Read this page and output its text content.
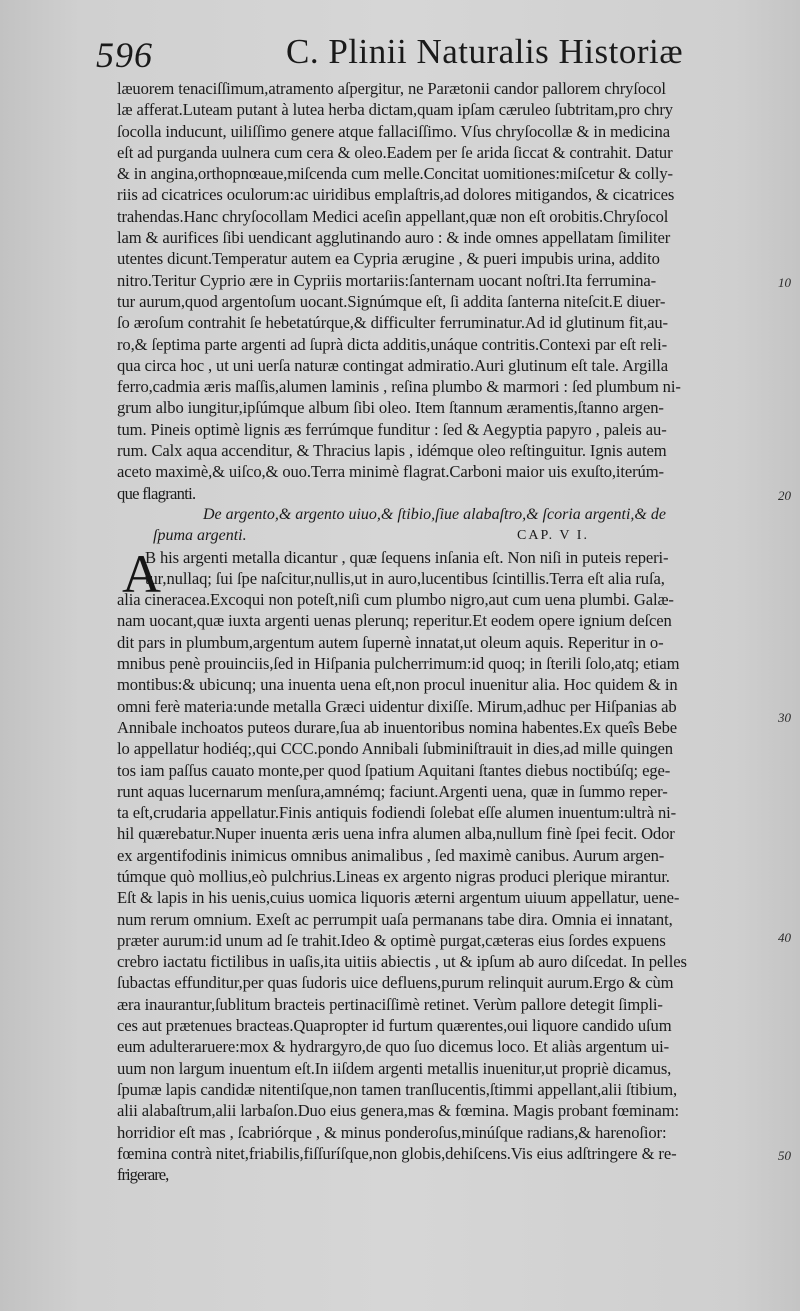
596	C. Plinii Naturalis Historiæ
læuorem tenaciſſimum,atramento aſpergitur, ne Parætonii candor pallorem chryſocol
læ afferat.Luteam putant à lutea herba dictam,quam ipſam cæruleo ſubtritam,pro chry
ſocolla inducunt, uiliſſimo genere atque fallaciſſimo. Vſus chryſocollæ & in medicina
eſt ad purganda uulnera cum cera & oleo.Eadem per ſe arida ſiccat & contrahit. Datur
& in angina,orthopnœaue,miſcenda cum melle.Concitat uomitiones:miſcetur & colly-
riis ad cicatrices oculorum:ac uiridibus emplaſtris,ad dolores mitigandos, & cicatrices
trahendas.Hanc chryſocollam Medici aceſin appellant,quæ non eſt orobitis.Chryſocol
lam & aurifices ſibi uendicant agglutinando auro : & inde omnes appellatam ſimiliter
utentes dicunt.Temperatur autem ea Cypria ærugine , & pueri impubis urina, addito
nitro.Teritur Cyprio ære in Cypriis mortariis:ſanternam uocant noſtri.Ita ferrumina-
tur aurum,quod argentoſum uocant.Signúmque eſt, ſi addita ſanterna niteſcit.E diuer-
ſo æroſum contrahit ſe hebetatúrque,& difficulter ferruminatur.Ad id glutinum fit,au-
ro,& ſeptima parte argenti ad ſuprà dicta additis,unáque contritis.Contexi par eſt reli-
qua circa hoc , ut uni uerſa naturæ contingat admiratio.Auri glutinum eſt tale. Argilla
ferro,cadmia æris maſſis,alumen laminis , reſina plumbo & marmori : ſed plumbum ni-
grum albo iungitur,ipſúmque album ſibi oleo. Item ſtannum æramentis,ſtanno argen-
tum. Pineis optimè lignis æs ferrúmque funditur : ſed & Aegyptia papyro , paleis au-
rum. Calx aqua accenditur, & Thracius lapis , idémque oleo reſtinguitur. Ignis autem
aceto maximè,& uiſco,& ouo.Terra minimè flagrat.Carboni maior uis exuſto,iterúm-
que flagranti.
De argento,& argento uiuo,& ſtibio,ſiue alabaſtro,& ſcoria argenti,& de
ſpuma argenti.	CAP. V I.
B his argenti metalla dicantur , quæ ſequens inſania eſt. Non niſi in puteis reperi-
tur,nullaq; ſui ſpe naſcitur,nullis,ut in auro,lucentibus ſcintillis.Terra eſt alia ruſa,
alia cineracea.Excoqui non poteſt,niſi cum plumbo nigro,aut cum uena plumbi. Galæ-
nam uocant,quæ iuxta argenti uenas plerunq; reperitur.Et eodem opere ignium deſcen
dit pars in plumbum,argentum autem ſupernè innatat,ut oleum aquis. Reperitur in o-
mnibus penè prouinciis,ſed in Hiſpania pulcherrimum:id quoq; in ſterili ſolo,atq; etiam
montibus:& ubicunq; una inuenta uena eſt,non procul inuenitur alia. Hoc quidem & in
omni ferè materia:unde metalla Græci uidentur dixiſſe. Mirum,adhuc per Hiſpanias ab
Annibale inchoatos puteos durare,ſua ab inuentoribus nomina habentes.Ex queîs Bebe
lo appellatur hodiéq;,qui CCC.pondo Annibali ſubminiſtrauit in dies,ad mille quingen
tos iam paſſus cauato monte,per quod ſpatium Aquitani ſtantes diebus noctibúſq; ege-
runt aquas lucernarum menſura,amnémq; faciunt.Argenti uena, quæ in ſummo reper-
ta eſt,crudaria appellatur.Finis antiquis fodiendi ſolebat eſſe alumen inuentum:ultrà ni-
hil quærebatur.Nuper inuenta æris uena infra alumen alba,nullum finè ſpei fecit. Odor
ex argentifodinis inimicus omnibus animalibus , ſed maximè canibus. Aurum argen-
túmque quò mollius,eò pulchrius.Lineas ex argento nigras produci plerique mirantur.
Eſt & lapis in his uenis,cuius uomica liquoris æterni argentum uiuum appellatur, uene-
num rerum omnium. Exeſt ac perrumpit uaſa permanans tabe dira. Omnia ei innatant,
præter aurum:id unum ad ſe trahit.Ideo & optimè purgat,cæteras eius ſordes expuens
crebro iactatu fictilibus in uaſis,ita uitiis abiectis , ut & ipſum ab auro diſcedat. In pelles
ſubactas effunditur,per quas ſudoris uice defluens,purum relinquit aurum.Ergo & cùm
æra inaurantur,ſublitum bracteis pertinaciſſimè retinet. Verùm pallore detegit ſimpli-
ces aut prætenues bracteas.Quapropter id furtum quærentes,oui liquore candido uſum
eum adulteraruere:mox & hydrargyro,de quo ſuo dicemus loco. Et aliàs argentum ui-
uum non largum inuentum eſt.In iiſdem argenti metallis inuenitur,ut propriè dicamus,
ſpumæ lapis candidæ nitentiſque,non tamen tranſlucentis,ſtimmi appellant,alii ſtibium,
alii alabaſtrum,alii larbaſon.Duo eius genera,mas & fœmina. Magis probant fœminam:
horridior eſt mas , ſcabriórque , & minus ponderoſus,minúſque radians,& harenoſior:
fœmina contrà nitet,friabilis,fiſſuríſque,non globis,dehiſcens.Vis eius adſtringere & re-
frigerare,
A
10
20
30
40
50
